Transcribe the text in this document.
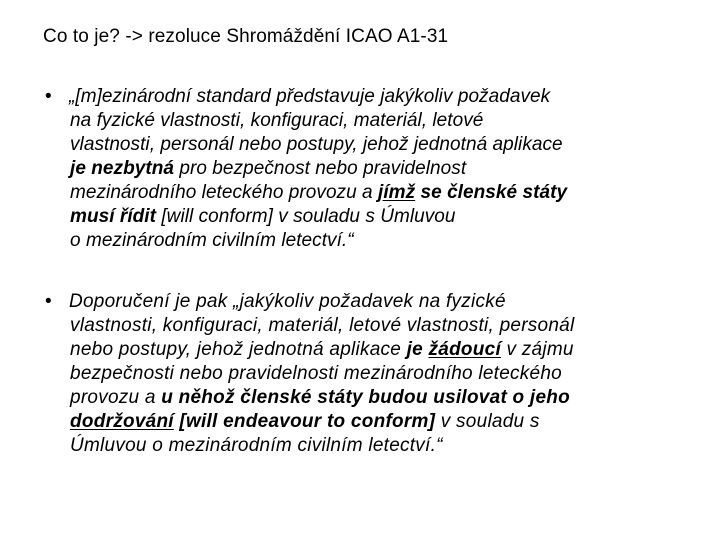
Co to je? -> rezoluce Shromáždění ICAO A1-31
• „[m]ezinárodní standard představuje jakýkoliv požadavek
na fyzické vlastnosti, konfiguraci, materiál, letové
vlastnosti, personál nebo postupy, jehož jednotná aplikace
je nezbytná pro bezpečnost nebo pravidelnost
mezinárodního leteckého provozu a jímž se členské státy
musí řídit [will conform] v souladu s Úmluvou
o mezinárodním civilním letectví.“
• Doporučení je pak „jakýkoliv požadavek na fyzické
vlastnosti, konfiguraci, materiál, letové vlastnosti, personál
nebo postupy, jehož jednotná aplikace je žádoucí v zájmu
bezpečnosti nebo pravidelnosti mezinárodního leteckého
provozu a u něhož členské státy budou usilovat o jeho
dodržování [will endeavour to conform] v souladu s
Úmluvou o mezinárodním civilním letectví.“
